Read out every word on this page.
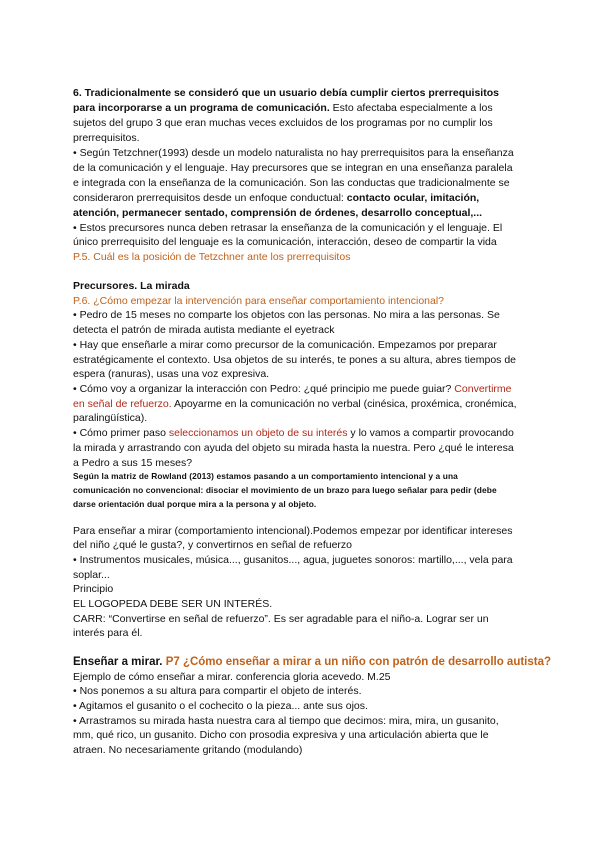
6. Tradicionalmente se consideró que un usuario debía cumplir ciertos prerrequisitos
para incorporarse a un programa de comunicación. Esto afectaba especialmente a los
sujetos del grupo 3 que eran muchas veces excluidos de los programas por no cumplir los
prerrequisitos.
• Según Tetzchner(1993) desde un modelo naturalista no hay prerrequisitos para la enseñanza
de la comunicación y el lenguaje. Hay precursores que se integran en una enseñanza paralela
e integrada con la enseñanza de la comunicación. Son las conductas que tradicionalmente se
consideraron prerrequisitos desde un enfoque conductual: contacto ocular, imitación,
atención, permanecer sentado, comprensión de órdenes, desarrollo conceptual,...
• Estos precursores nunca deben retrasar la enseñanza de la comunicación y el lenguaje. El
único prerrequisito del lenguaje es la comunicación, interacción, deseo de compartir la vida
P.5. Cuál es la posición de Tetzchner ante los prerrequisitos
Precursores. La mirada
P.6. ¿Cómo empezar la intervención para enseñar comportamiento intencional?
• Pedro de 15 meses no comparte los objetos con las personas. No mira a las personas. Se
detecta el patrón de mirada autista mediante el eyetrack
• Hay que enseñarle a mirar como precursor de la comunicación. Empezamos por preparar
estratégicamente el contexto. Usa objetos de su interés, te pones a su altura, abres tiempos de
espera (ranuras), usas una voz expresiva.
• Cómo voy a organizar la interacción con Pedro: ¿qué principio me puede guiar? Convertirme
en señal de refuerzo. Apoyarme en la comunicación no verbal (cinésica, proxémica, cronémica,
paralingüística).
• Cómo primer paso seleccionamos un objeto de su interés y lo vamos a compartir provocando
la mirada y arrastrando con ayuda del objeto su mirada hasta la nuestra. Pero ¿qué le interesa
a Pedro a sus 15 meses?
Según la matriz de Rowland (2013) estamos pasando a un comportamiento intencional y a una
comunicación no convencional: disociar el movimiento de un brazo para luego señalar para pedir (debe
darse orientación dual porque mira a la persona y al objeto.
Para enseñar a mirar (comportamiento intencional).Podemos empezar por identificar intereses
del niño ¿qué le gusta?, y convertirnos en señal de refuerzo
• Instrumentos musicales, música..., gusanitos..., agua, juguetes sonoros: martillo,..., vela para
soplar...
Principio
EL LOGOPEDA DEBE SER UN INTERÉS.
CARR: “Convertirse en señal de refuerzo”. Es ser agradable para el niño-a. Lograr ser un
interés para él.
Enseñar a mirar. P7 ¿Cómo enseñar a mirar a un niño con patrón de desarrollo autista?
Ejemplo de cómo enseñar a mirar. conferencia gloria acevedo. M.25
• Nos ponemos a su altura para compartir el objeto de interés.
• Agitamos el gusanito o el cochecito o la pieza... ante sus ojos.
• Arrastramos su mirada hasta nuestra cara al tiempo que decimos: mira, mira, un gusanito,
mm, qué rico, un gusanito. Dicho con prosodia expresiva y una articulación abierta que le
atraen. No necesariamente gritando (modulando)
